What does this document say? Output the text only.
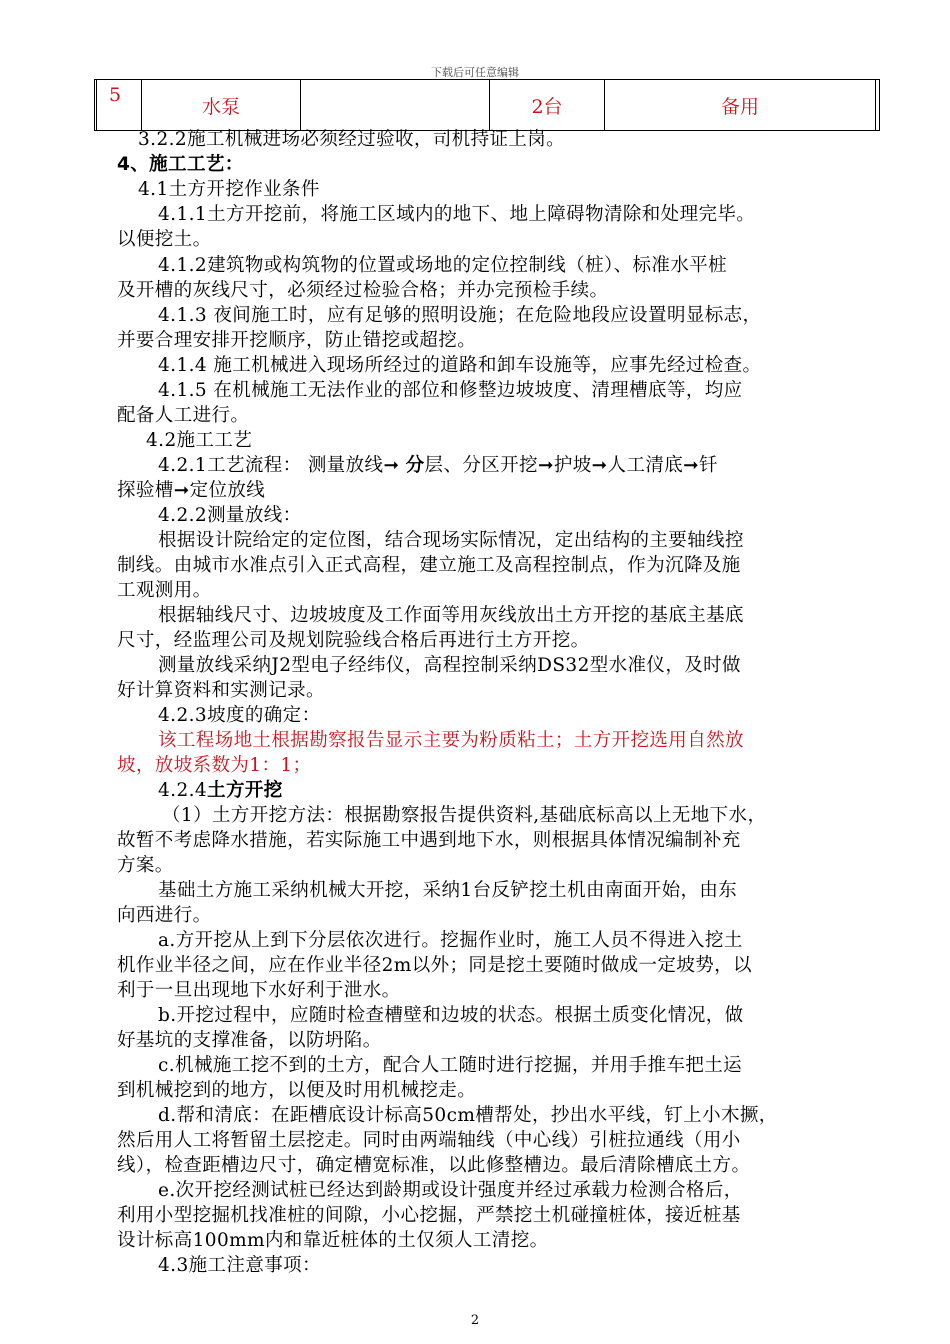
下载后可任意编辑
5	水泵		2台	备用
3.2.2施工机械进场必须经过验收，司机持证上岗。
4、施工工艺：
4.1土方开挖作业条件
4.1.1土方开挖前，将施工区域内的地下、地上障碍物清除和处理完毕。
以便挖土。
4.1.2建筑物或构筑物的位置或场地的定位控制线（桩）、标准水平桩
及开槽的灰线尺寸，必须经过检验合格；并办完预检手续。
4.1.3 夜间施工时，应有足够的照明设施；在危险地段应设置明显标志，
并要合理安排开挖顺序，防止错挖或超挖。
4.1.4 施工机械进入现场所经过的道路和卸车设施等，应事先经过检查。
4.1.5 在机械施工无法作业的部位和修整边坡坡度、清理槽底等，均应
配备人工进行。
4.2施工工艺
4.2.1工艺流程： 测量放线➞ 分层、分区开挖➞护坡➞人工清底➞钎
探验槽➞定位放线
4.2.2测量放线：
根据设计院给定的定位图，结合现场实际情况，定出结构的主要轴线控
制线。由城市水准点引入正式高程，建立施工及高程控制点，作为沉降及施
工观测用。
根据轴线尺寸、边坡坡度及工作面等用灰线放出土方开挖的基底主基底
尺寸，经监理公司及规划院验线合格后再进行土方开挖。
测量放线采纳J2型电子经纬仪，高程控制采纳DS32型水准仪，及时做
好计算资料和实测记录。
4.2.3坡度的确定：
该工程场地土根据勘察报告显示主要为粉质粘土；土方开挖选用自然放
坡，放坡系数为1：1；
4.2.4土方开挖
（1）土方开挖方法：根据勘察报告提供资料,基础底标高以上无地下水，
故暂不考虑降水措施，若实际施工中遇到地下水，则根据具体情况编制补充
方案。
基础土方施工采纳机械大开挖，采纳1台反铲挖土机由南面开始，由东
向西进行。
a.方开挖从上到下分层依次进行。挖掘作业时，施工人员不得进入挖土
机作业半径之间，应在作业半径2m以外；同是挖土要随时做成一定坡势，以
利于一旦出现地下水好利于泄水。
b.开挖过程中，应随时检查槽壁和边坡的状态。根据土质变化情况，做
好基坑的支撑准备，以防坍陷。
c.机械施工挖不到的土方，配合人工随时进行挖掘，并用手推车把土运
到机械挖到的地方，以便及时用机械挖走。
d.帮和清底：在距槽底设计标高50cm槽帮处，抄出水平线，钉上小木撅，
然后用人工将暂留土层挖走。同时由两端轴线（中心线）引桩拉通线（用小
线），检查距槽边尺寸，确定槽宽标准，以此修整槽边。最后清除槽底土方。
e.次开挖经测试桩已经达到龄期或设计强度并经过承载力检测合格后，
利用小型挖掘机找准桩的间隙，小心挖掘，严禁挖土机碰撞桩体，接近桩基
设计标高100mm内和靠近桩体的土仅须人工清挖。
4.3施工注意事项：
2
